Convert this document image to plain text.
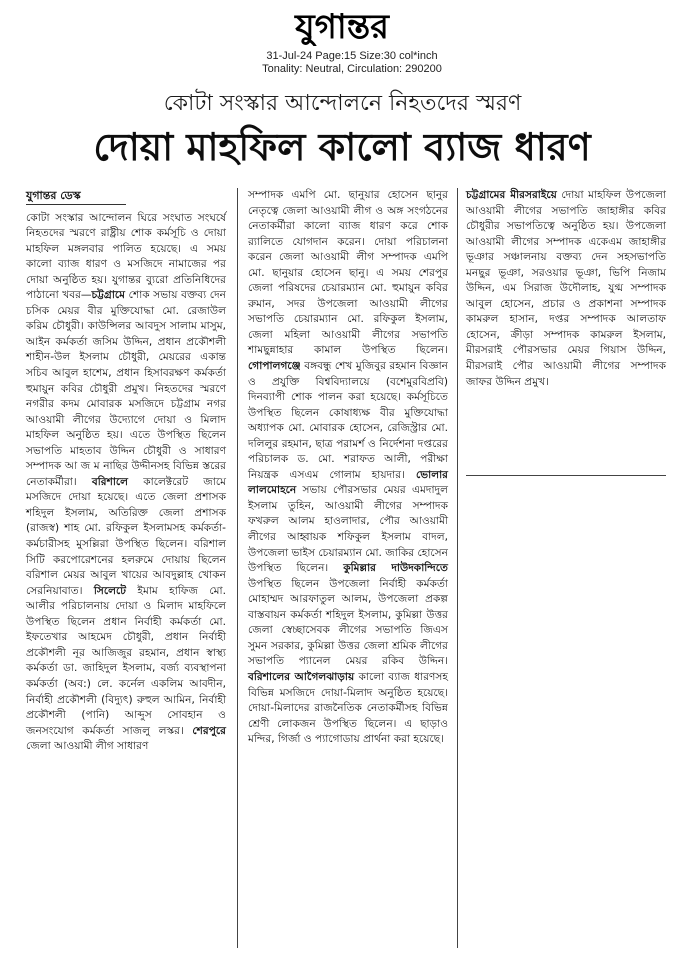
যুগান্তর
31-Jul-24 Page:15 Size:30 col*inch
Tonality: Neutral, Circulation: 290200
কোটা সংস্কার আন্দোলনে নিহতদের স্মরণ
দোয়া মাহফিল কালো ব্যাজ ধারণ
যুগান্তর ডেস্ক

কোটা সংস্কার আন্দোলন ঘিরে সংঘাত সংঘর্ষে নিহতদের স্মরণে রাষ্ট্রীয় শোক কর্মসূচি ও দোয়া মাহফিল মঙ্গলবার পালিত হয়েছে। এ সময় কালো ব্যাজ ধারণ ও মসজিদে নামাজের পর দোয়া অনুষ্ঠিত হয়। যুগান্তর ব্যুরো প্রতিনিধিদের পাঠানো খবর—চট্টগ্রামে শোক সভায় বক্তব্য দেন চসিক মেয়র বীর মুক্তিযোদ্ধা মো. রেজাউল করিম চৌধুরী। কাউন্সিলর আবদুস সালাম মাসুম, আইন কর্মকর্তা জসিম উদ্দিন, প্রধান প্রকৌশলী শাহীন-উল ইসলাম চৌধুরী, মেয়রের একান্ত সচিব আবুল হাশেম, প্রধান হিসাবরক্ষণ কর্মকর্তা হুমায়ুন কবির চৌধুরী প্রমুখ। নিহতদের স্মরণে নগরীর কদম মোবারক মসজিদে চট্টগ্রাম নগর আওয়ামী লীগের উদ্যোগে দোয়া ও মিলাদ মাহফিল অনুষ্ঠিত হয়। এতে উপস্থিত ছিলেন সভাপতি মাহতাব উদ্দিন চৌধুরী ও সাধারণ সম্পাদক আ জ ম নাছির উদ্দীনসহ বিভিন্ন স্তরের নেতাকর্মীরা। বরিশালে কালেক্টরেট জামে মসজিদে দোয়া হয়েছে। এতে জেলা প্রশাসক শহিদুল ইসলাম, অতিরিক্ত জেলা প্রশাসক (রাজস্ব) শাহ মো. রফিকুল ইসলামসহ কর্মকর্তা-কর্মচারীসহ মুসল্লিরা উপস্থিত ছিলেন। বরিশাল সিটি করপোরেশনের হলরুমে দোয়ায় ছিলেন বরিশাল মেয়র আবুল খায়ের আবদুল্লাহ খোকন সেরনিয়াবাত। সিলেটে ইমাম হাফিজ মো. আলীর পরিচালনায় দোয়া ও মিলাদ মাহফিলে উপস্থিত ছিলেন প্রধান নির্বাহী কর্মকর্তা মো. ইফতেখার আহমেদ চৌধুরী, প্রধান নির্বাহী প্রকৌশলী নূর আজিজুর রহমান, প্রধান স্বাস্থ্য কর্মকর্তা ডা. জাহিদুল ইসলাম, বর্জ্য ব্যবস্থাপনা কর্মকর্তা (অব:) লে. কর্নেল একলিম আবদীন, নির্বাহী প্রকৌশলী (বিদ্যুৎ) রুহুল আমিন, নির্বাহী প্রকৌশলী (পানি) আব্দুস সোবহান ও জনসংযোগ কর্মকর্তা সাজলু লস্কর। শেরপুরে জেলা আওয়ামী লীগ সাধারণ

সম্পাদক এমপি মো. ছানুয়ার হোসেন ছানুর নেতৃত্বে জেলা আওয়ামী লীগ ও অঙ্গ সংগঠনের নেতাকর্মীরা কালো ব্যাজ ধারণ করে শোক র‌্যালিতে যোগদান করেন। দোয়া পরিচালনা করেন জেলা আওয়ামী লীগ সম্পাদক এমপি মো. ছানুয়ার হোসেন ছানু। এ সময় শেরপুর জেলা পরিষদের চেয়ারম্যান মো. হুমায়ুন কবির রুমান, সদর উপজেলা আওয়ামী লীগের সভাপতি চেয়ারম্যান মো. রফিকুল ইসলাম, জেলা মহিলা আওয়ামী লীগের সভাপতি শামছুন্নাহার কামাল উপস্থিত ছিলেন। গোপালগঞ্জে বঙ্গবন্ধু শেখ মুজিবুর রহমান বিজ্ঞান ও প্রযুক্তি বিশ্ববিদ্যালয়ে (বশেমুরবিপ্রবি) দিনব্যাপী শোক পালন করা হয়েছে। কর্মসূচিতে উপস্থিত ছিলেন কোষাধ্যক্ষ বীর মুক্তিযোদ্ধা অধ্যাপক মো. মোবারক হোসেন, রেজিস্ট্রার মো. দলিলুর রহমান, ছাত্র পরামর্শ ও নির্দেশনা দপ্তরের পরিচালক ড. মো. শরাফত আলী, পরীক্ষা নিয়ন্ত্রক এসএম গোলাম হায়দার। ভোলার লালমোহনে সভায় পৌরসভার মেয়র এমদাদুল ইসলাম তুহিন, আওয়ামী লীগের সম্পাদক ফখরুল আলম হাওলাদার, পৌর আওয়ামী লীগের আহ্বায়ক শফিকুল ইসলাম বাদল, উপজেলা ভাইস চেয়ারম্যান মো. জাকির হোসেন উপস্থিত ছিলেন। কুমিল্লার দাউদকান্দিতে উপস্থিত ছিলেন উপজেলা নির্বাহী কর্মকর্তা মোহাম্মদ আরফাতুল আলম, উপজেলা প্রকল্প বাস্তবায়ন কর্মকর্তা শহিদুল ইসলাম, কুমিল্লা উত্তর জেলা স্বেচ্ছাসেবক লীগের সভাপতি জিএস সুমন সরকার, কুমিল্লা উত্তর জেলা শ্রমিক লীগের সভাপতি প্যানেল মেয়র রকিব উদ্দিন। বরিশালের আগৈলঝাড়ায় কালো ব্যাজ ধারণসহ বিভিন্ন মসজিদে দোয়া-মিলাদ অনুষ্ঠিত হয়েছে। দোয়া-মিলাদের রাজনৈতিক নেতাকর্মীসহ বিভিন্ন শ্রেণী লোকজন উপস্থিত ছিলেন। এ ছাড়াও মন্দির, গির্জা ও প্যাগোডায় প্রার্থনা করা হয়েছে।

চট্টগ্রামের মীরসরাইয়ে দোয়া মাহফিল উপজেলা আওয়ামী লীগের সভাপতি জাহাঙ্গীর কবির চৌধুরীর সভাপতিত্বে অনুষ্ঠিত হয়। উপজেলা আওয়ামী লীগের সম্পাদক একেএম জাহাঙ্গীর ভূঞার সঞ্চালনায় বক্তব্য দেন সহসভাপতি মনছুর ভূঞা, সরওয়ার ভূঞা, ভিপি নিজাম উদ্দিন, এম সিরাজ উদৌলাহ, যুগ্ম সম্পাদক আবুল হোসেন, প্রচার ও প্রকাশনা সম্পাদক কামরুল হাসান, দপ্তর সম্পাদক আলতাফ হোসেন, ক্রীড়া সম্পাদক কামরুল ইসলাম, মীরসরাই পৌরসভার মেয়র গিয়াস উদ্দিন, মীরসরাই পৌর আওয়ামী লীগের সম্পাদক জাফর উদ্দিন প্রমুখ।
